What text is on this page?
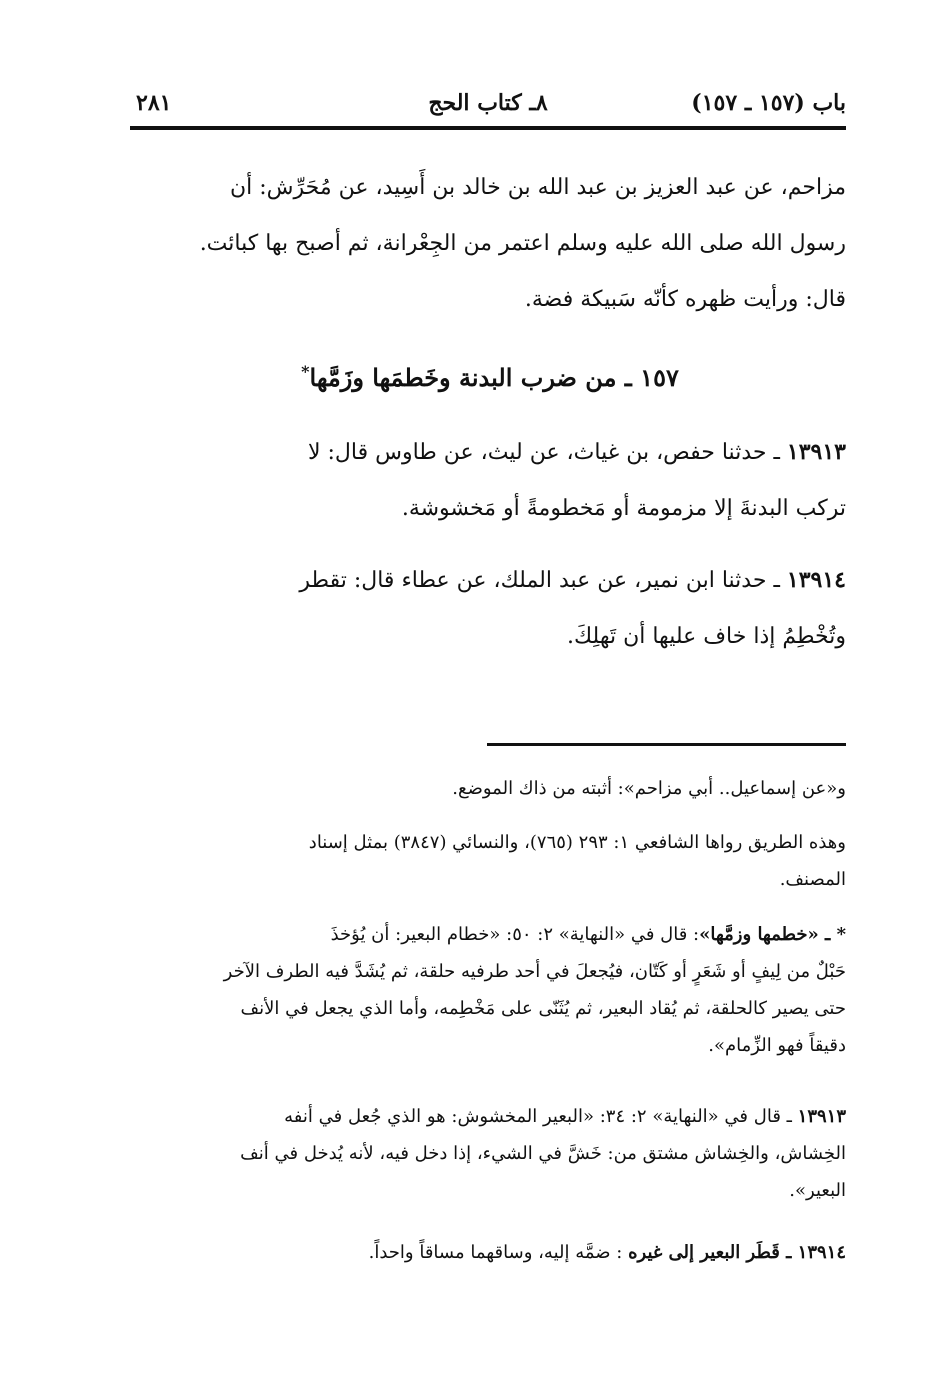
باب (١٥٧ ـ ١٥٧)
٨ـ كتاب الحج
٢٨١
مزاحم، عن عبد العزيز بن عبد الله بن خالد بن أَسِيد، عن مُحَرِّش: أن
رسول الله صلى الله عليه وسلم اعتمر من الجِعْرانة، ثم أصبح بها كبائت.
قال: ورأيت ظهره كأنّه سَبيكة فضة.
١٥٧ ـ من ضرب البدنة وخَطمَها وزَمَّها*
١٣٩١٣ ـ حدثنا حفص، بن غياث، عن ليث، عن طاوس قال: لا
تركب البدنةَ إلا مزمومة أو مَخطومةً أو مَخشوشة.
١٣٩١٤ ـ حدثنا ابن نمير، عن عبد الملك، عن عطاء قال: تقطر
وتُخْطِمُ إذا خاف عليها أن تَهلِكَ.
و«عن إسماعيل.. أبي مزاحم»: أثبته من ذاك الموضع.
وهذه الطريق رواها الشافعي ١: ٢٩٣ (٧٦٥)، والنسائي (٣٨٤٧) بمثل إسناد
المصنف.
* ـ «خطمها وزمَّها»: قال في «النهاية» ٢: ٥٠: «خطام البعير: أن يُؤخذَ
حَبْلٌ من لِيفٍ أو شَعَرٍ أو كَتّان، فيُجعلَ في أحد طرفيه حلقة، ثم يُشَدَّ فيه الطرف الآخر
حتى يصير كالحلقة، ثم يُقاد البعير، ثم يُثَنّى على مَخْطِمه، وأما الذي يجعل في الأنف
دقيقاً فهو الزِّمام».
١٣٩١٣ ـ قال في «النهاية» ٢: ٣٤: «البعير المخشوش: هو الذي جُعل في أنفه
الخِشاش، والخِشاش مشتق من: خَشَّ في الشيء، إذا دخل فيه، لأنه يُدخل في أنف
البعير».
١٣٩١٤ ـ قَطَر البعير إلى غيره : ضمَّه إليه، وساقهما مساقاً واحداً.
